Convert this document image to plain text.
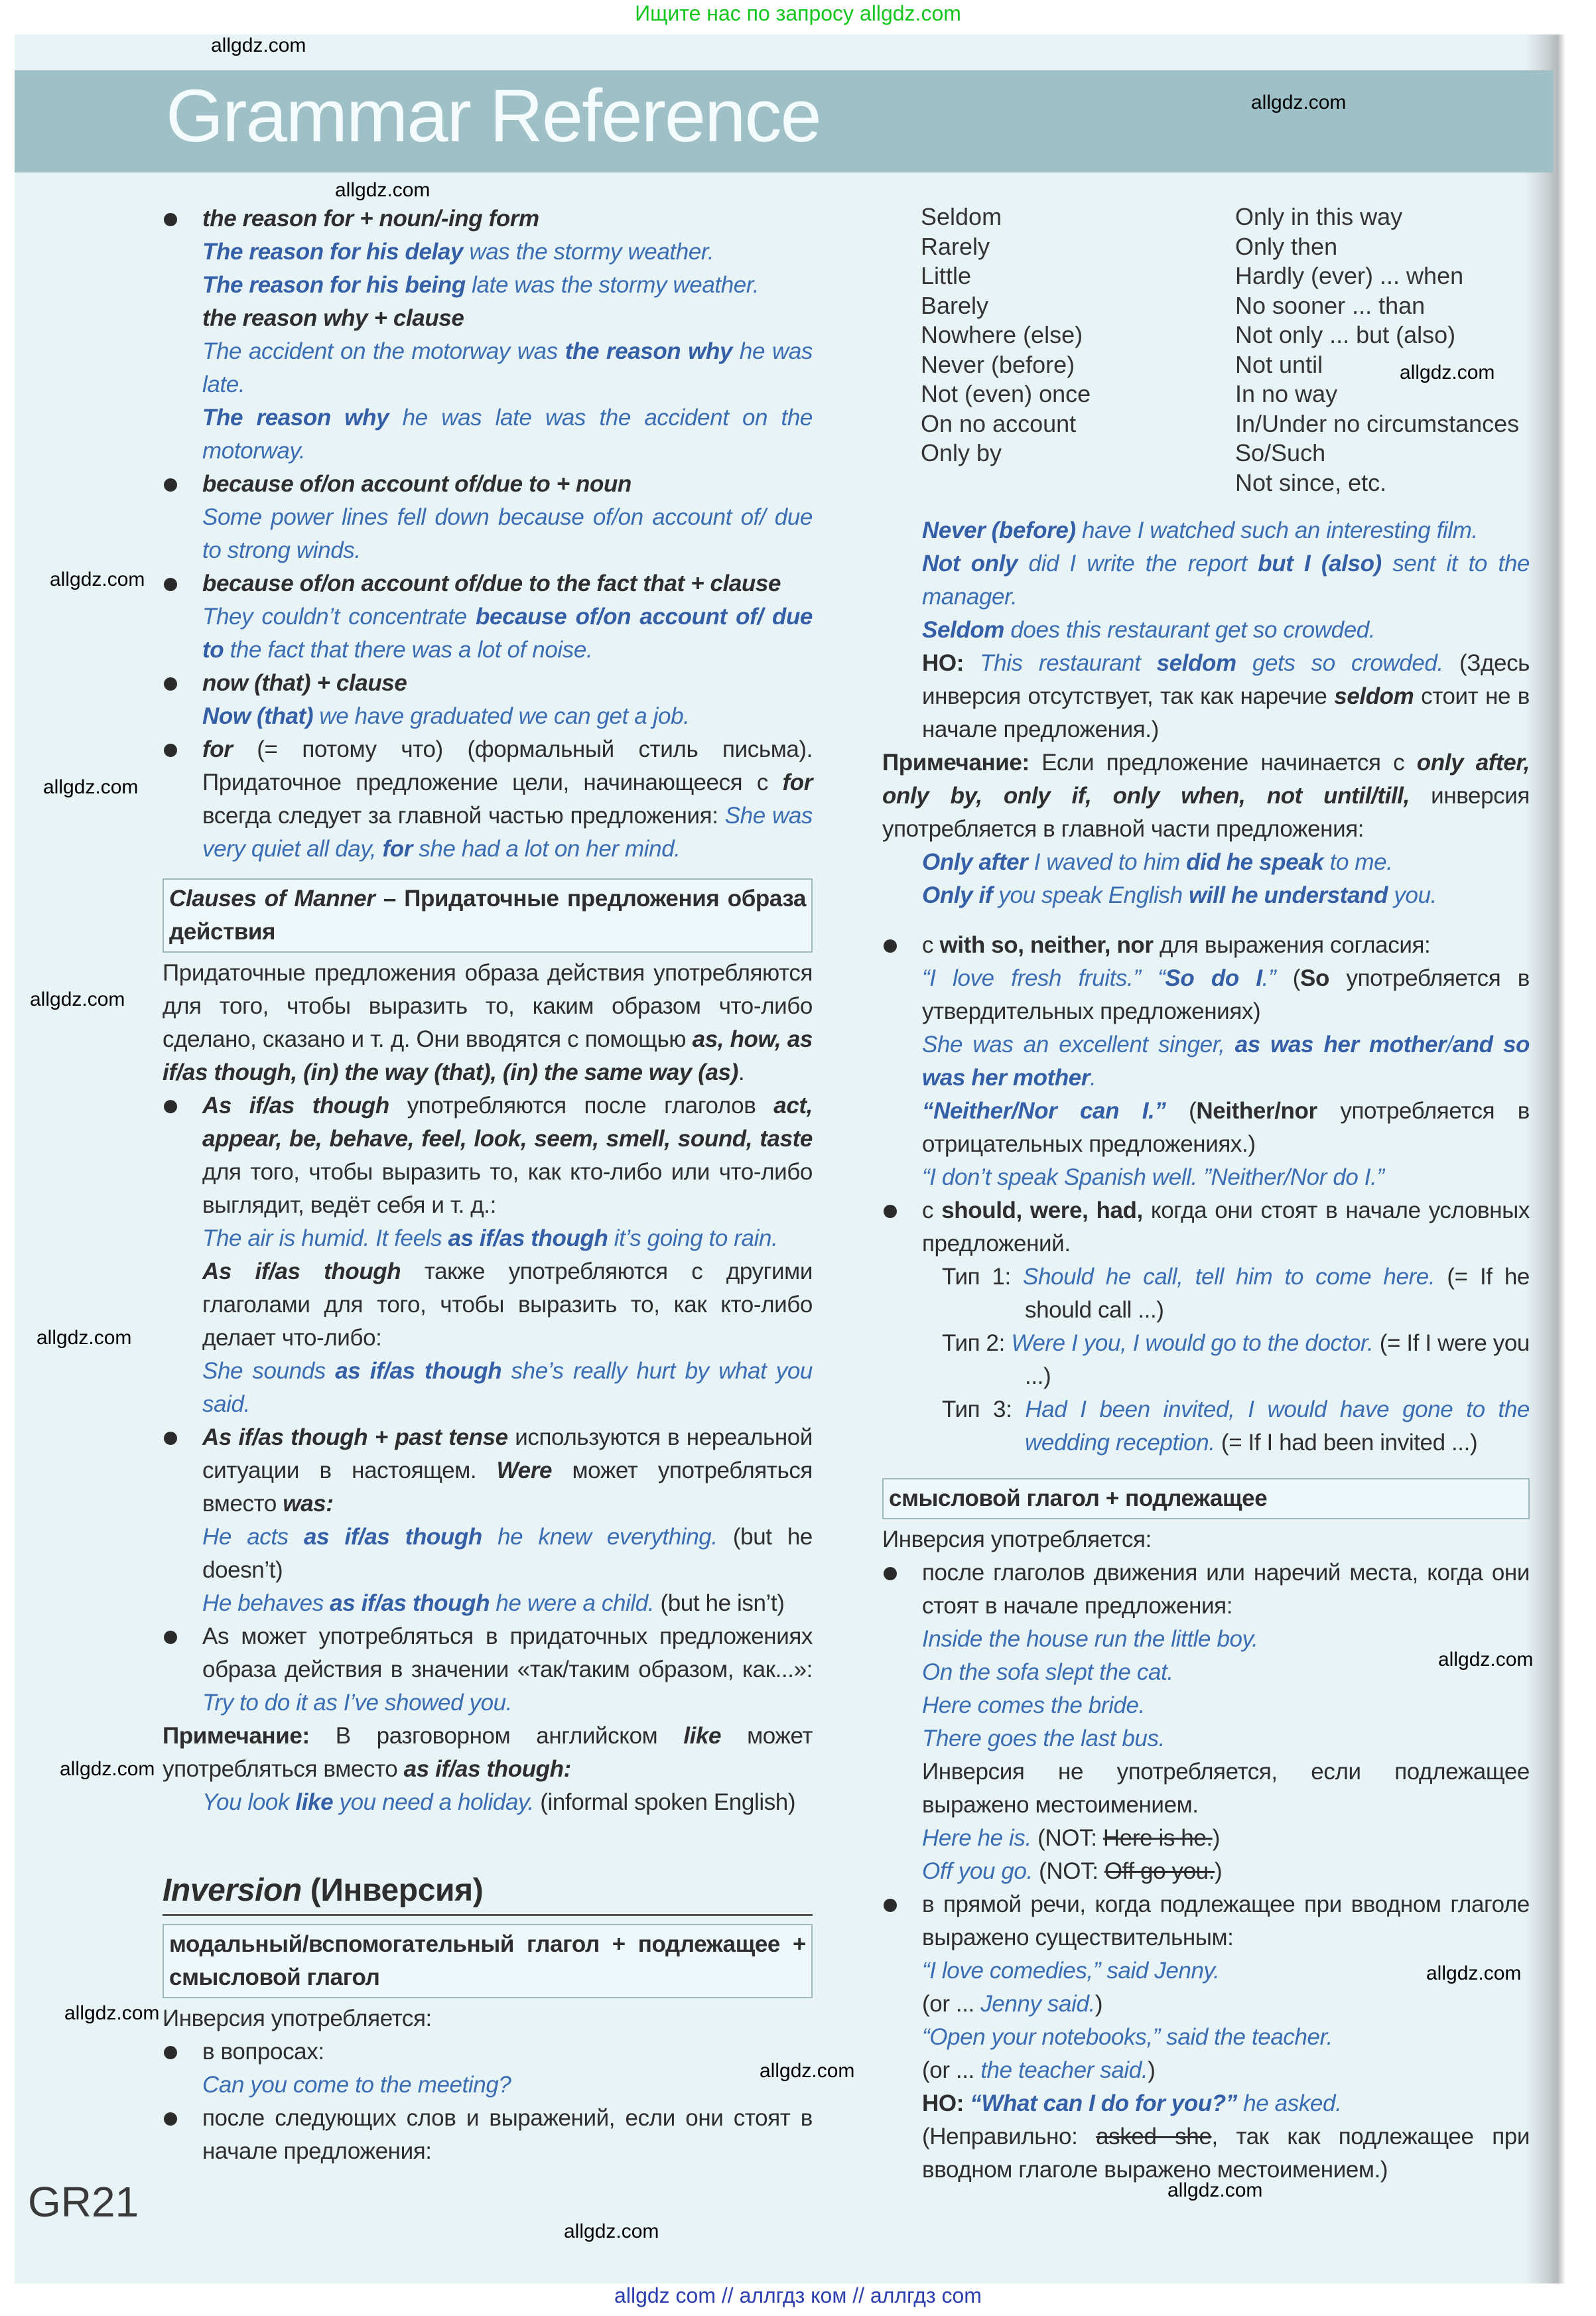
Ищите нас по запросу allgdz.com
Grammar Reference
the reason for + noun/-ing form
The reason for his delay was the stormy weather.
The reason for his being late was the stormy weather.
the reason why + clause
The accident on the motorway was the reason why he was late.
The reason why he was late was the accident on the motorway.
because of/on account of/due to + noun
Some power lines fell down because of/on account of/ due to strong winds.
because of/on account of/due to the fact that + clause
They couldn’t concentrate because of/on account of/ due to the fact that there was a lot of noise.
now (that) + clause
Now (that) we have graduated we can get a job.
for (= потому что) (формальный стиль письма). Придаточное предложение цели, начинающееся с for всегда следует за главной частью предложения: She was very quiet all day, for she had a lot on her mind.
Clauses of Manner – Придаточные предложения образа действия
Придаточные предложения образа действия употребляются для того, чтобы выразить то, каким образом что-либо сделано, сказано и т. д. Они вводятся с помощью as, how, as if/as though, (in) the way (that), (in) the same way (as).
As if/as though употребляются после глаголов act, appear, be, behave, feel, look, seem, smell, sound, taste для того, чтобы выразить то, как кто-либо или что-либо выглядит, ведёт себя и т. д.:
The air is humid. It feels as if/as though it’s going to rain.
As if/as though также употребляются с другими глаголами для того, чтобы выразить то, как кто-либо делает что-либо:
She sounds as if/as though she’s really hurt by what you said.
As if/as though + past tense используются в нереальной ситуации в настоящем. Were может употребляться вместо was:
He acts as if/as though he knew everything. (but he doesn’t)
He behaves as if/as though he were a child. (but he isn’t)
As может употребляться в придаточных предложениях образа действия в значении «так/таким образом, как...»: Try to do it as I’ve showed you.
Примечание: В разговорном английском like может употребляться вместо as if/as though:
You look like you need a holiday. (informal spoken English)
Inversion (Инверсия)
модальный/вспомогательный глагол + подлежащее + смысловой глагол
Инверсия употребляется:
в вопросах:
Can you come to the meeting?
после следующих слов и выражений, если они стоят в начале предложения:
Seldom
Rarely
Little
Barely
Nowhere (else)
Never (before)
Not (even) once
On no account
Only by
Only in this way
Only then
Hardly (ever) ... when
No sooner ... than
Not only ... but (also)
Not until
In no way
In/Under no circumstances
So/Such
Not since, etc.
Never (before) have I watched such an interesting film.
Not only did I write the report but I (also) sent it to the manager.
Seldom does this restaurant get so crowded.
НО: This restaurant seldom gets so crowded. (Здесь инверсия отсутствует, так как наречие seldom стоит не в начале предложения.)
Примечание: Если предложение начинается с only after, only by, only if, only when, not until/till, инверсия употребляется в главной части предложения:
Only after I waved to him did he speak to me.
Only if you speak English will he understand you.
с with so, neither, nor для выражения согласия:
“I love fresh fruits.” “So do I.” (So употребляется в утвердительных предложениях)
She was an excellent singer, as was her mother/and so was her mother.
“Neither/Nor can I.” (Neither/nor употребляется в отрицательных предложениях.)
“I don’t speak Spanish well. ”Neither/Nor do I.”
с should, were, had, когда они стоят в начале условных предложений.
Тип 1: Should he call, tell him to come here. (= If he should call ...)
Тип 2: Were I you, I would go to the doctor. (= If I were you ...)
Тип 3: Had I been invited, I would have gone to the wedding reception. (= If I had been invited ...)
смысловой глагол + подлежащее
Инверсия употребляется:
после глаголов движения или наречий места, когда они стоят в начале предложения:
Inside the house run the little boy.
On the sofa slept the cat.
Here comes the bride.
There goes the last bus.
Инверсия не употребляется, если подлежащее выражено местоимением.
Here he is. (NOT: Here is he.)
Off you go. (NOT: Off go you.)
в прямой речи, когда подлежащее при вводном глаголе выражено существительным:
“I love comedies,” said Jenny.
(or ... Jenny said.)
“Open your notebooks,” said the teacher.
(or ... the teacher said.)
НО: “What can I do for you?” he asked.
(Неправильно: asked she, так как подлежащее при вводном глаголе выражено местоимением.)
GR21
allgdz com // аллгдз ком // аллгдз com
allgdz.com
allgdz.com
allgdz.com
allgdz.com
allgdz.com
allgdz.com
allgdz.com
allgdz.com
allgdz.com
allgdz.com
allgdz.com
allgdz.com
allgdz.com
allgdz.com
allgdz.com
